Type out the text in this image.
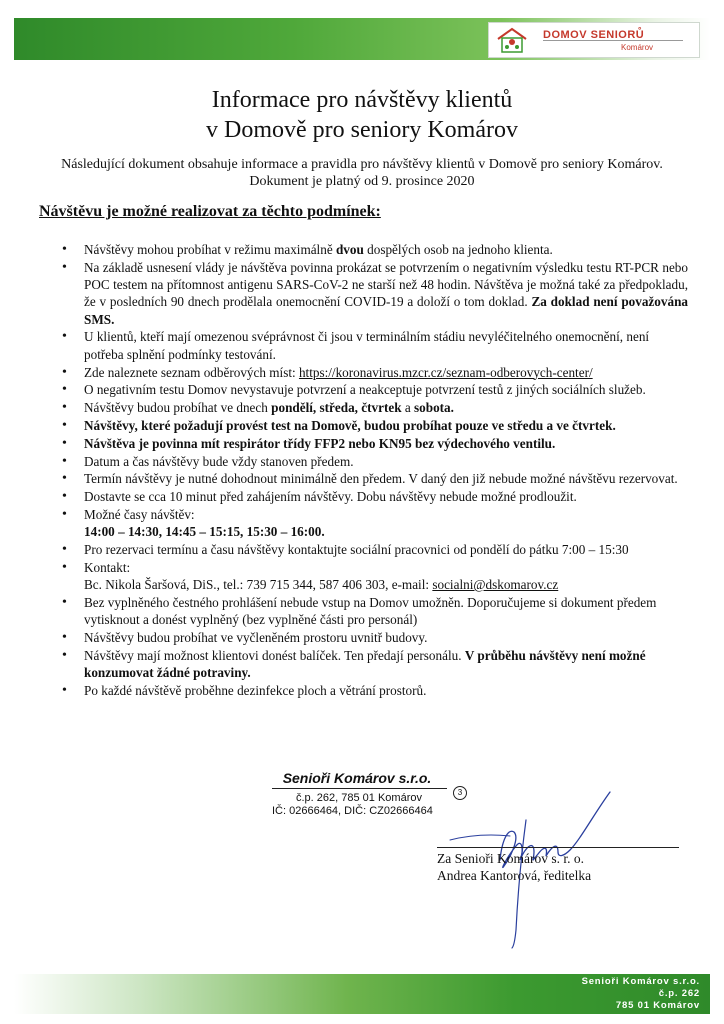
DOMOV SENIORŮ
Komárov
Informace pro návštěvy klientů
v Domově pro seniory Komárov
Následující dokument obsahuje informace a pravidla pro návštěvy klientů v Domově pro seniory Komárov.
Dokument je platný od 9. prosince 2020
Návštěvu je možné realizovat za těchto podmínek:
• Návštěvy mohou probíhat v režimu maximálně dvou dospělých osob na jednoho klienta.
• Na základě usnesení vlády je návštěva povinna prokázat se potvrzením o negativním výsledku testu RT-PCR nebo POC testem na přítomnost antigenu SARS-CoV-2 ne starší než 48 hodin. Návštěva je možná také za předpokladu, že v posledních 90 dnech prodělala onemocnění COVID-19 a doloží o tom doklad. Za doklad není považována SMS.
• U klientů, kteří mají omezenou svéprávnost či jsou v terminálním stádiu nevyléčitelného onemocnění, není potřeba splnění podmínky testování.
• Zde naleznete seznam odběrových míst: https://koronavirus.mzcr.cz/seznam-odberovych-center/
• O negativním testu Domov nevystavuje potvrzení a neakceptuje potvrzení testů z jiných sociálních služeb.
• Návštěvy budou probíhat ve dnech pondělí, středa, čtvrtek a sobota.
• Návštěvy, které požadují provést test na Domově, budou probíhat pouze ve středu a ve čtvrtek.
• Návštěva je povinna mít respirátor třídy FFP2 nebo KN95 bez výdechového ventilu.
• Datum a čas návštěvy bude vždy stanoven předem.
• Termín návštěvy je nutné dohodnout minimálně den předem. V daný den již nebude možné návštěvu rezervovat.
• Dostavte se cca 10 minut před zahájením návštěvy. Dobu návštěvy nebude možné prodloužit.
• Možné časy návštěv:
14:00 – 14:30, 14:45 – 15:15, 15:30 – 16:00.
• Pro rezervaci termínu a času návštěvy kontaktujte sociální pracovnici od pondělí do pátku 7:00 – 15:30
• Kontakt:
Bc. Nikola Šaršová, DiS., tel.: 739 715 344, 587 406 303, e-mail: socialni@dskomarov.cz
• Bez vyplněného čestného prohlášení nebude vstup na Domov umožněn. Doporučujeme si dokument předem vytisknout a donést vyplněný (bez vyplněné části pro personál)
• Návštěvy budou probíhat ve vyčleněném prostoru uvnitř budovy.
• Návštěvy mají možnost klientovi donést balíček. Ten předají personálu. V průběhu návštěvy není možné konzumovat žádné potraviny.
• Po každé návštěvě proběhne dezinfekce ploch a větrání prostorů.
Senioři Komárov s.r.o.
3
č.p. 262, 785 01 Komárov
IČ: 02666464, DIČ: CZ02666464
Za Senioři Komárov s. r. o.
Andrea Kantorová, ředitelka
Senioři Komárov s.r.o.
č.p. 262
785 01 Komárov
